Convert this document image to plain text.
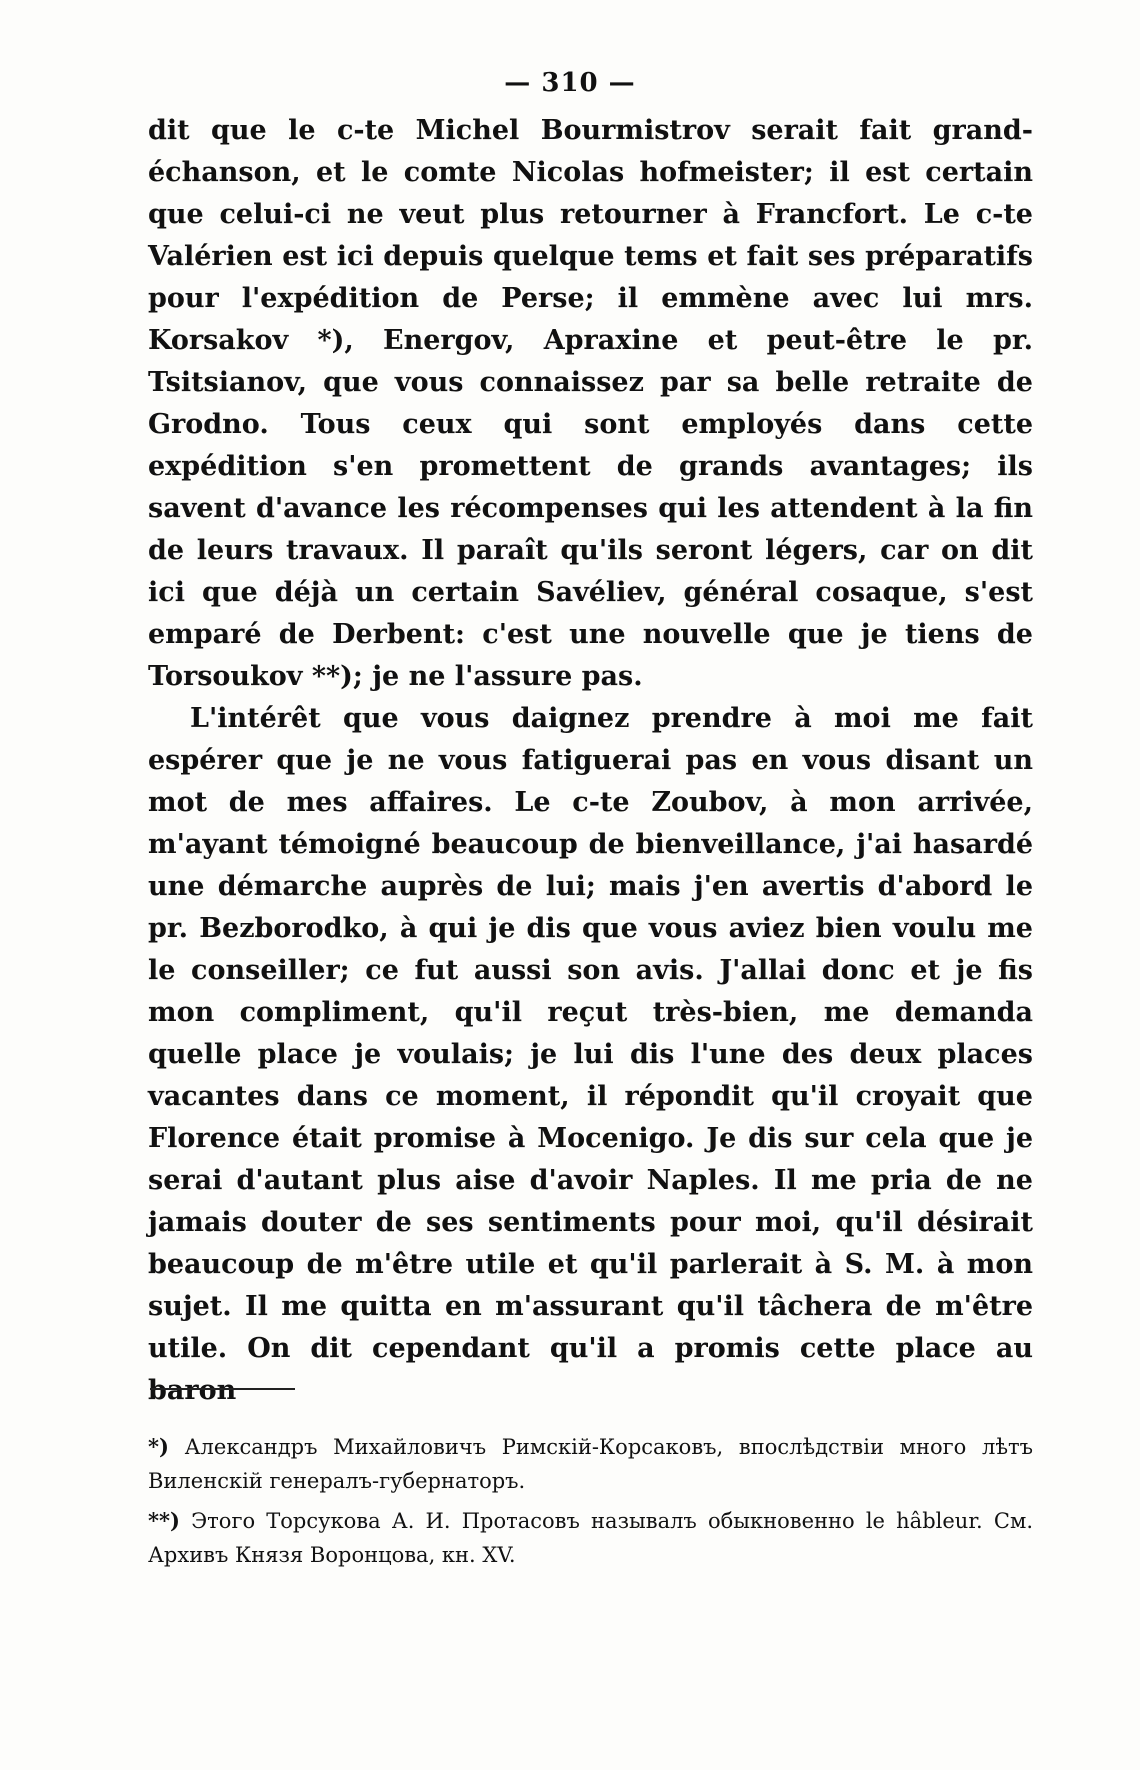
— 310 —

dit que le c-te Michel Bourmistrov serait fait grand-échanson, et le comte Nicolas hofmeister; il est certain que celui-ci ne veut plus retourner à Francfort. Le c-te Valérien est ici depuis quelque tems et fait ses préparatifs pour l'expédition de Perse; il emmène avec lui mrs. Korsakov *), Energov, Apraxine et peut-être le pr. Tsitsianov, que vous connaissez par sa belle retraite de Grodno. Tous ceux qui sont employés dans cette expédition s'en promettent de grands avantages; ils savent d'avance les récompenses qui les attendent à la fin de leurs travaux. Il paraît qu'ils seront légers, car on dit ici que déjà un certain Savéliev, général cosaque, s'est emparé de Derbent: c'est une nouvelle que je tiens de Torsoukov **); je ne l'assure pas.

L'intérêt que vous daignez prendre à moi me fait espérer que je ne vous fatiguerai pas en vous disant un mot de mes affaires. Le c-te Zoubov, à mon arrivée, m'ayant témoigné beaucoup de bienveillance, j'ai hasardé une démarche auprès de lui; mais j'en avertis d'abord le pr. Bezborodko, à qui je dis que vous aviez bien voulu me le conseiller; ce fut aussi son avis. J'allai donc et je fis mon compliment, qu'il reçut très-bien, me demanda quelle place je voulais; je lui dis l'une des deux places vacantes dans ce moment, il répondit qu'il croyait que Florence était promise à Mocenigo. Je dis sur cela que je serai d'autant plus aise d'avoir Naples. Il me pria de ne jamais douter de ses sentiments pour moi, qu'il désirait beaucoup de m'être utile et qu'il parlerait à S. M. à mon sujet. Il me quitta en m'assurant qu'il tâchera de m'être utile. On dit cependant qu'il a promis cette place au baron

*) Александръ Михайловичъ Римскій-Корсаковъ, впослѣдствіи много лѣтъ Виленскій генералъ-губернаторъ.

**) Этого Торсукова А. И. Протасовъ называлъ обыкновенно le hâbleur. См. Архивъ Князя Воронцова, кн. XV.
